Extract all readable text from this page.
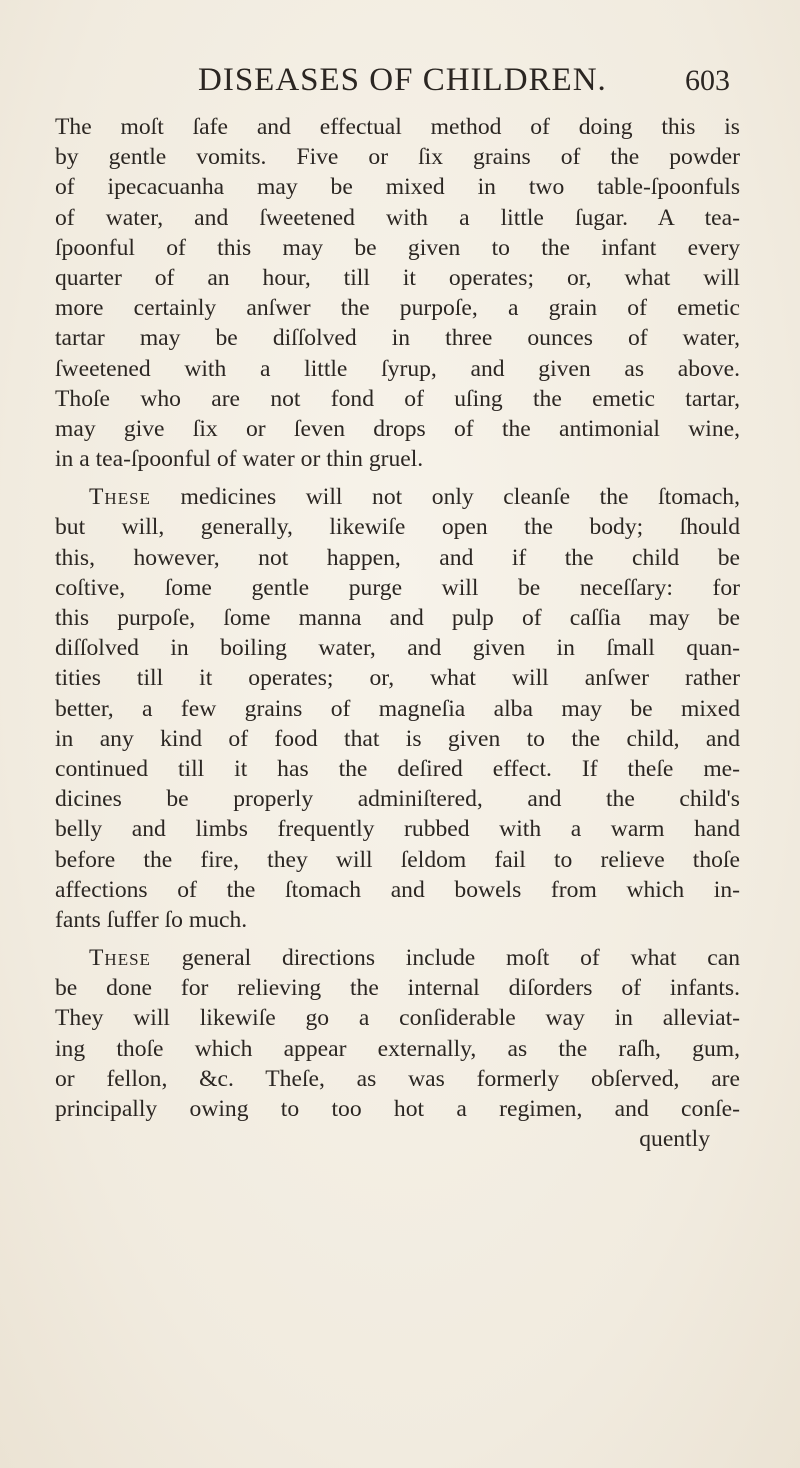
DISEASES OF CHILDREN.	603
The moſt ſafe and effectual method of doing this is
by gentle vomits. Five or ſix grains of the powder
of ipecacuanha may be mixed in two table-ſpoonfuls
of water, and ſweetened with a little ſugar. A tea-
ſpoonful of this may be given to the infant every
quarter of an hour, till it operates; or, what will
more certainly anſwer the purpoſe, a grain of emetic
tartar may be diſſolved in three ounces of water,
ſweetened with a little ſyrup, and given as above.
Thoſe who are not fond of uſing the emetic tartar,
may give ſix or ſeven drops of the antimonial wine,
in a tea-ſpoonful of water or thin gruel.
These medicines will not only cleanſe the ſtomach,
but will, generally, likewiſe open the body; ſhould
this, however, not happen, and if the child be
coſtive, ſome gentle purge will be neceſſary: for
this purpoſe, ſome manna and pulp of caſſia may be
diſſolved in boiling water, and given in ſmall quan-
tities till it operates; or, what will anſwer rather
better, a few grains of magneſia alba may be mixed
in any kind of food that is given to the child, and
continued till it has the deſired effect. If theſe me-
dicines be properly adminiſtered, and the child's
belly and limbs frequently rubbed with a warm hand
before the fire, they will ſeldom fail to relieve thoſe
affections of the ſtomach and bowels from which in-
fants ſuffer ſo much.
These general directions include moſt of what can
be done for relieving the internal diſorders of infants.
They will likewiſe go a conſiderable way in alleviat-
ing thoſe which appear externally, as the raſh, gum,
or fellon, &c. Theſe, as was formerly obſerved, are
principally owing to too hot a regimen, and conſe-
quently
